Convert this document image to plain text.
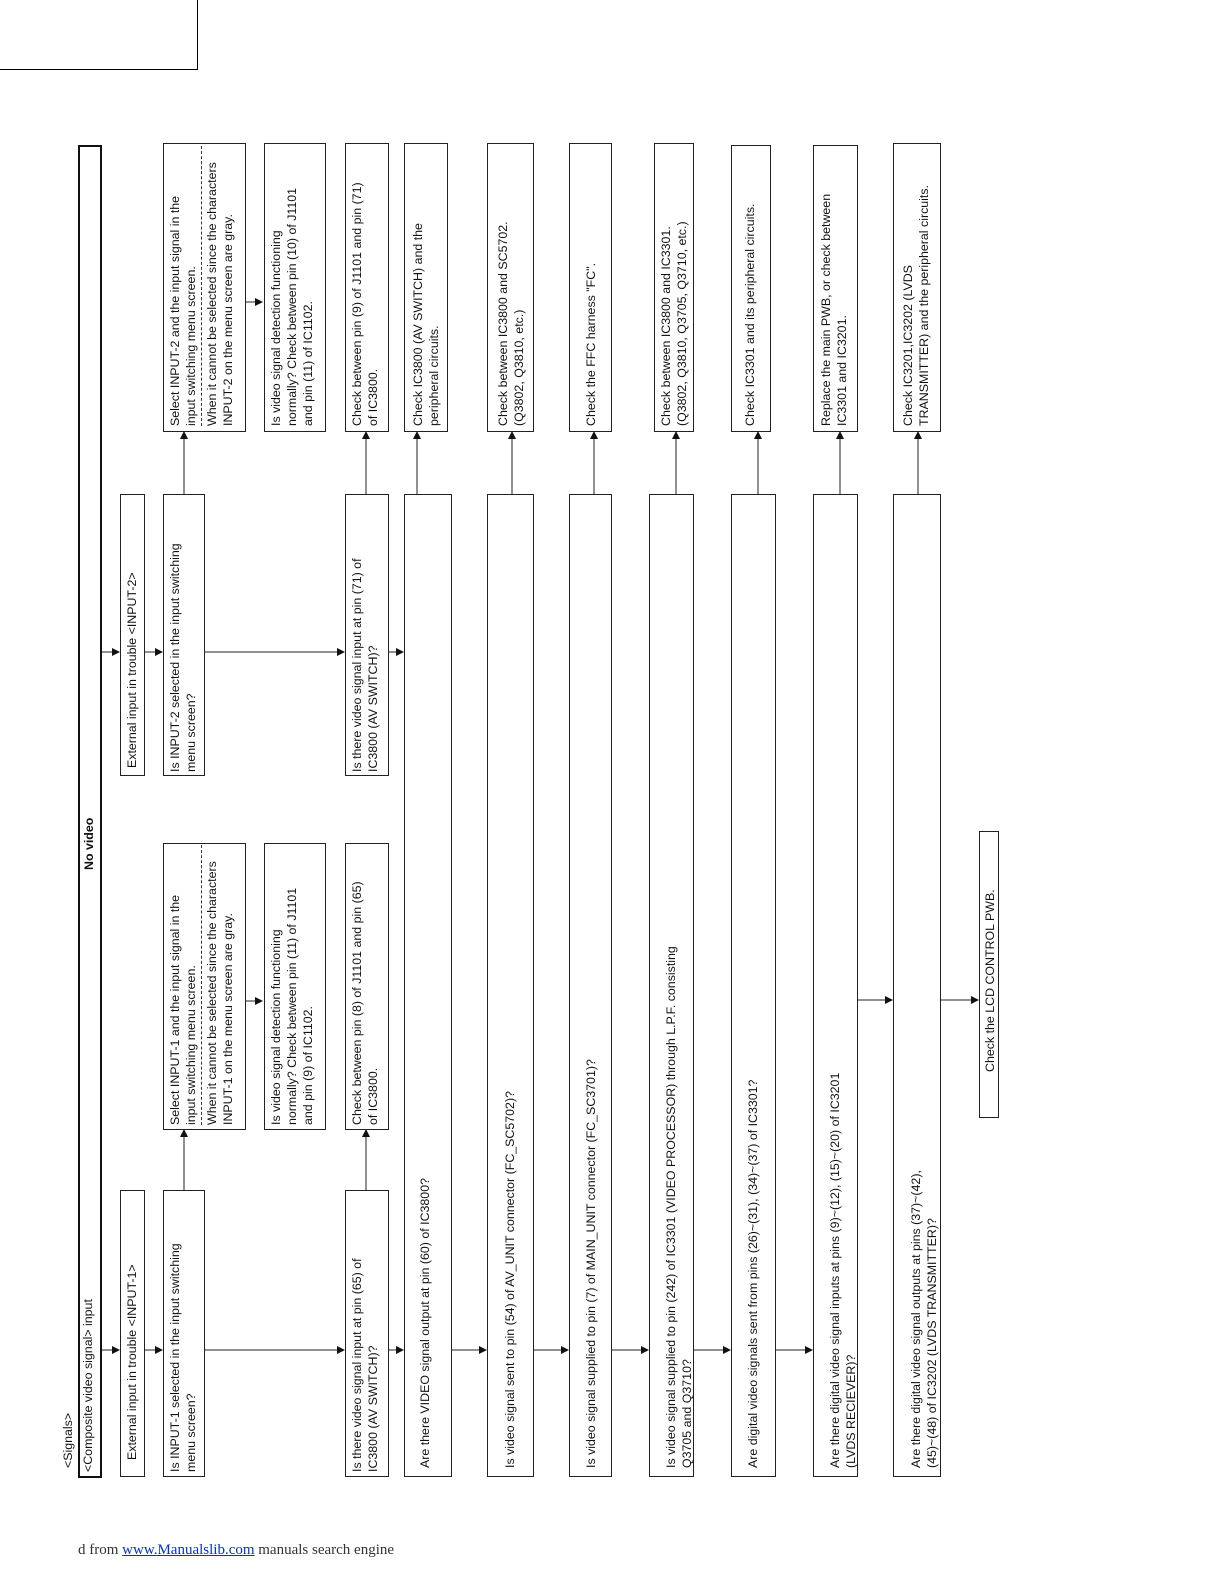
<Signals> <Composite video signal> input
No video
External input in trouble <INPUT-1>
Is INPUT-1 selected in the input switching
menu screen?
Select INPUT-1 and the input signal in the
input switching menu screen.
When it cannot be selected since the characters
INPUT-1 on the menu screen are gray.
Is video signal detection functioning
normally? Check between pin (11) of J1101
and pin (9) of IC1102.
Is there video signal input at pin (65) of
IC3800 (AV SWITCH)?
Check between pin (8) of J1101 and pin (65)
of IC3800.
External input in trouble <INPUT-2> Is INPUT-2 selected in the input switching
menu screen?
Select INPUT-2 and the input signal in the
input switching menu screen.
When it cannot be selected since the characters
INPUT-2 on the menu screen are gray.
Is video signal detection functioning
normally? Check between pin (10) of J1101
and pin (11) of IC1102.
Is there video signal input at pin (71) of
IC3800 (AV SWITCH)?
Check between pin (9) of J1101 and pin (71)
of IC3800.
Are there VIDEO signal output at pin (60) of IC3800?
Check IC3800 (AV SWITCH) and the
peripheral circuits.
Is video signal sent to pin (54) of AV_UNIT connector (FC_SC5702)?
Check between IC3800 and SC5702.
(Q3802, Q3810, etc.)
Is video signal supplied to pin (7) of MAIN_UNIT connector (FC_SC3701)?
Check the FFC harness "FC".
Is video signal supplied to pin (242) of IC3301 (VIDEO PROCESSOR) through L.P.F. consisting Q3705 and Q3710?
Check between IC3800 and IC3301.
(Q3802, Q3810, Q3705, Q3710, etc.)
Are digital video signals sent from pins (26)~(31), (34)~(37) of IC3301?
Check IC3301 and its peripheral circuits.
Are there digital video signal inputs at pins (9)~(12), (15)~(20) of IC3201 (LVDS RECIEVER)?
Replace the main PWB, or check between
IC3301 and IC3201.
Are there digital video signal outputs at pins (37)~(42), (45)~(48) of IC3202 (LVDS TRANSMITTER)?
Check IC3201,IC3202 (LVDS
TRANSMITTER) and the peripheral circuits.
Check the LCD CONTROL PWB.
d from www.Manualslib.com manuals search engine
